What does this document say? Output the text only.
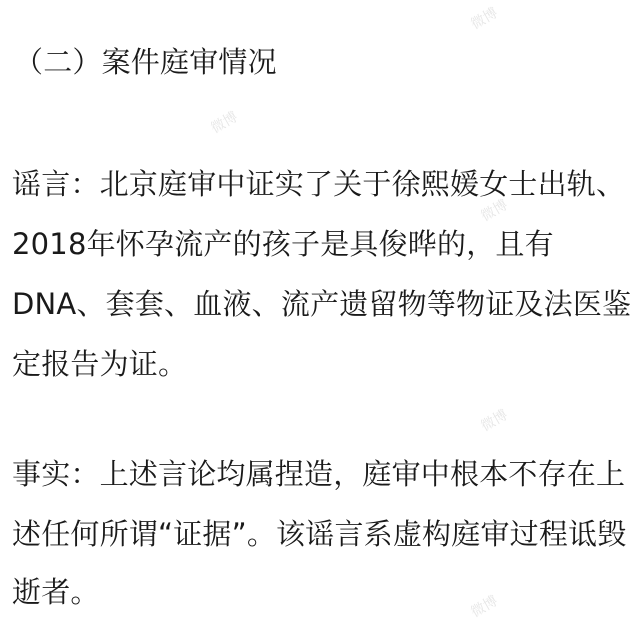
微博
微博
微博
微博
微博
（二）案件庭审情况
谣言：北京庭审中证实了关于徐熙媛女士出轨、
2018年怀孕流产的孩子是具俊晔的，且有
DNA、套套、血液、流产遗留物等物证及法医鉴
定报告为证。
事实：上述言论均属捏造，庭审中根本不存在上
述任何所谓“证据”。该谣言系虚构庭审过程诋毁
逝者。
